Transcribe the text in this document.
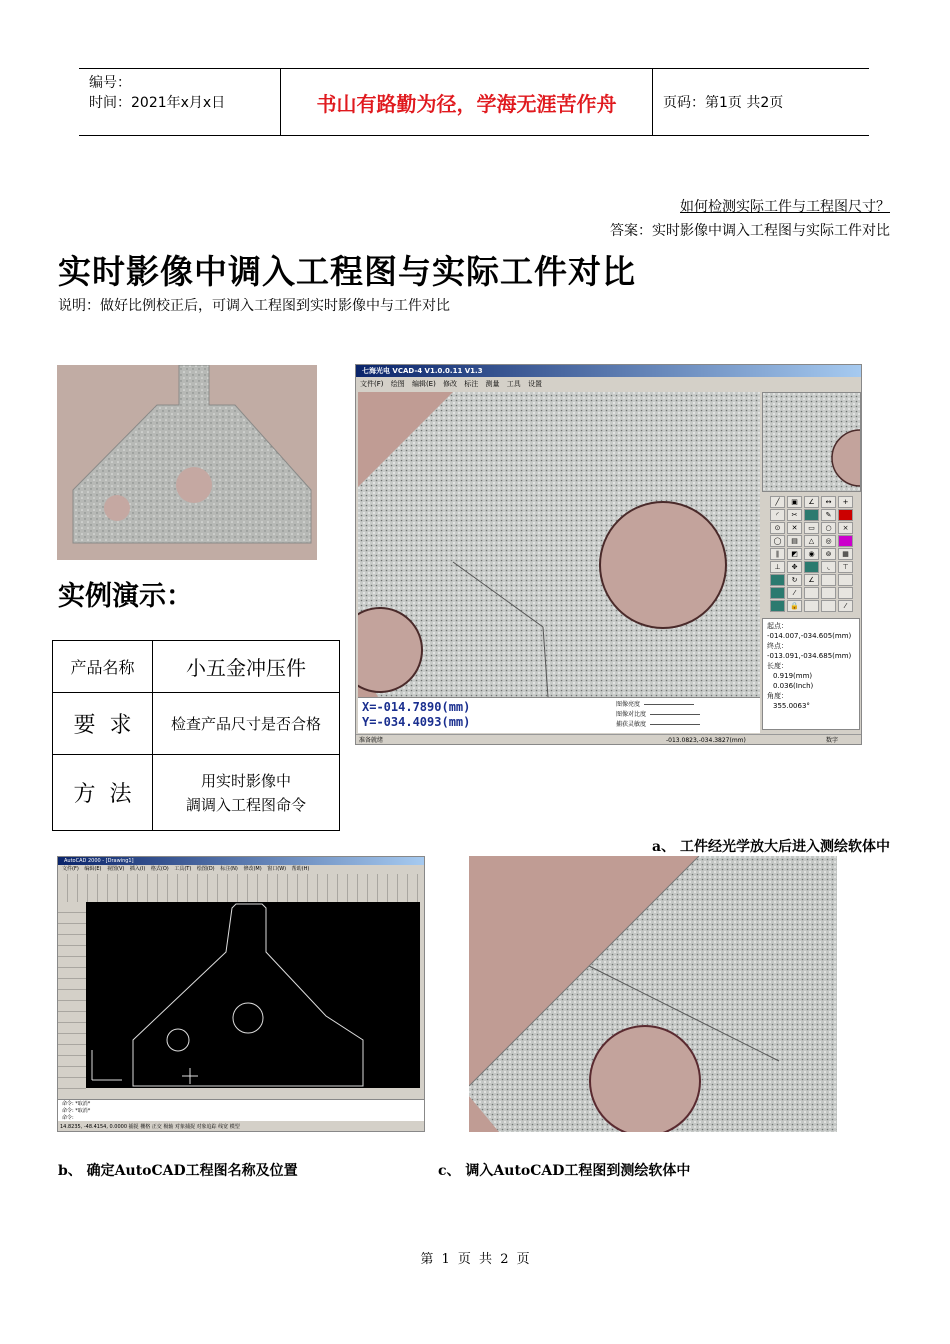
编号：
时间：2021年x月x日	书山有路勤为径，学海无涯苦作舟	页码：第1页 共2页
如何检测实际工件与工程图尺寸？
答案：实时影像中调入工程图与实际工件对比
实时影像中调入工程图与实际工件对比
说明：做好比例校正后，可调入工程图到实时影像中与工件对比
实例演示：
产品名称	小五金冲压件
要  求	检查产品尺寸是否合格
方  法	用实时影像中
調调入工程图命令
七海光电 VCAD-4 V1.0.0.11 V1.3
文件(F) 绘图 编辑(E) 修改 标注 测量 工具 设置
X=-014.7890(mm)
Y=-034.4093(mm)
图像亮度
图像对比度
捕获灵敏度
╱	▣	∠	↔	+
◜	✂	✎
⊙	✕	▭	○	×
◯	▤	△	◎
∥	◩	◉	⊚	▦
⊥	✥	◟	⊤
↻	∠
⁄
🔒	⁄
起点：
-014.007,-034.605(mm)
终点：
-013.091,-034.685(mm)
长度：
0.919(mm)
0.036(Inch)
角度：
355.0063°
准备就绪	-013.0823,-034.3827(mm)	数字
a、 工件经光学放大后进入测绘软体中
AutoCAD 2000 - [Drawing1]
文件(F) 编辑(E) 视图(V) 插入(I) 格式(O) 工具(T) 绘图(D) 标注(N) 修改(M) 窗口(W) 帮助(H)
命令: *取消*
命令: *取消*
命令:
14.8235, -48.4154, 0.0000 捕捉 栅格 正交 极轴 对象捕捉 对象追踪 线宽 模型
b、 确定AutoCAD工程图名称及位置	c、 调入AutoCAD工程图到测绘软体中
第 1 页 共 2 页
